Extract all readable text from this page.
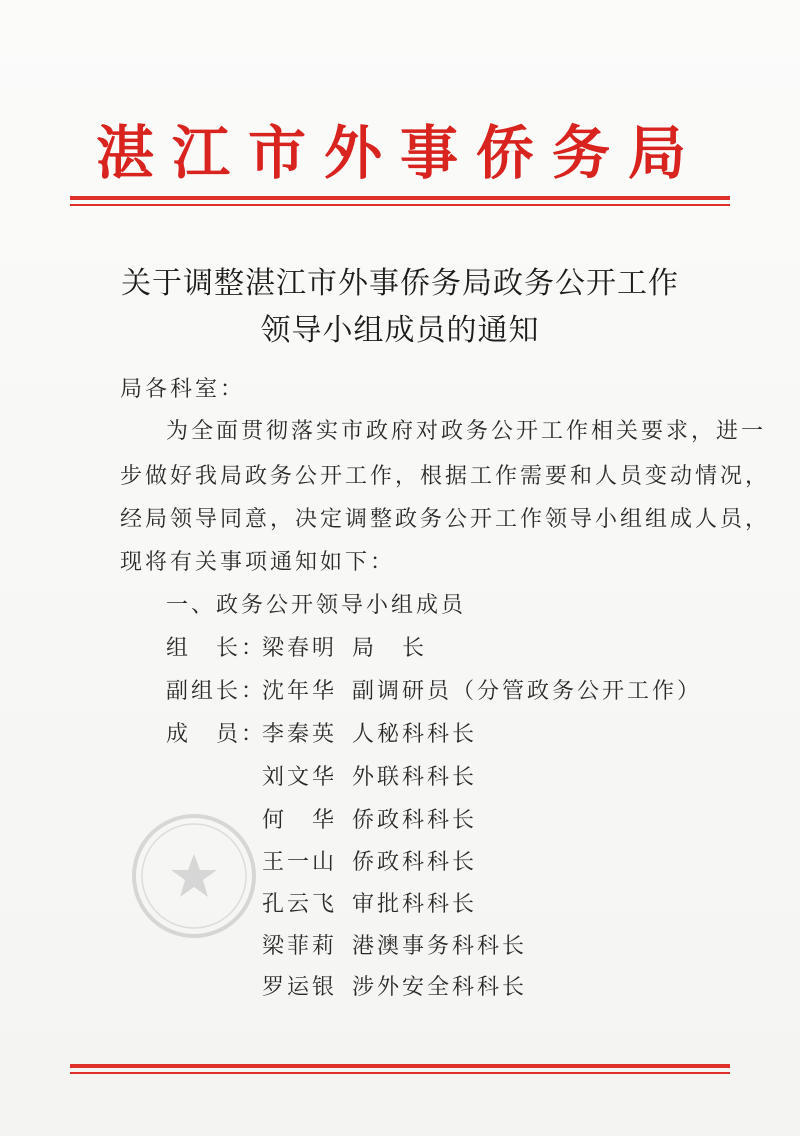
湛江市外事侨务局
关于调整湛江市外事侨务局政务公开工作
领导小组成员的通知
局各科室：
为全面贯彻落实市政府对政务公开工作相关要求，进一
步做好我局政务公开工作，根据工作需要和人员变动情况，
经局领导同意，决定调整政务公开工作领导小组组成人员，
现将有关事项通知如下：
一、政务公开领导小组成员
组　长：梁春明 局　长
副组长：沈年华 副调研员（分管政务公开工作）
成　员：李秦英 人秘科科长
刘文华 外联科科长
何　华 侨政科科长
王一山 侨政科科长
孔云飞 审批科科长
梁菲莉 港澳事务科科长
罗运银 涉外安全科科长
